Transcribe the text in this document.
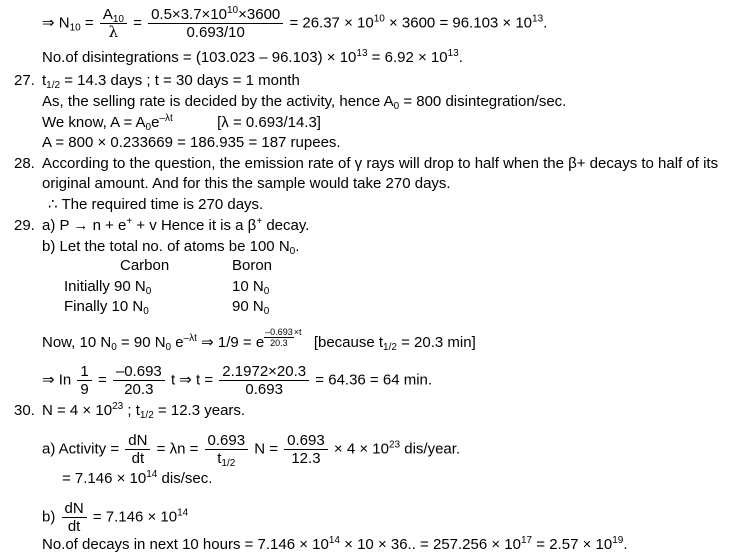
⇒ $N_{10} = \frac{A_{10}}{\lambda} = \frac{0.5\times 3.7\times 10^{10}\times 3600}{0.693/10} = 26.37 \times 10^{10} \times 3600 = 96.103 \times 10^{13}$.
No.of disintegrations = $(103.023 - 96.103) \times 10^{13} = 6.92 \times 10^{13}$.
27. $t_{1/2} = 14.3$ days ; t = 30 days = 1 month
As, the selling rate is decided by the activity, hence $A_0 = 800$ disintegration/sec.
We know, $A = A_0e^{-\lambda t}$	[λ = 0.693/14.3]
A = 800 × 0.233669 = 186.935 = 187 rupees.
28. According to the question, the emission rate of γ rays will drop to half when the β+ decays to half of its
original amount. And for this the sample would take 270 days.
∴ The required time is 270 days.
29. a) P → n + e+ + v Hence it is a β+ decay.
b) Let the total no. of atoms be 100 $N_0$.
Carbon	Boron
Initially 90 $N_0$	10 $N_0$
Finally 10 $N_0$	90 $N_0$
Now, 10 $N_0 = 90$ $N_0$ $e^{-\lambda t}$ ⇒ 1/9 = e $\frac{-0.693}{20.3} ^{\times t}$  [because $t_{1/2} = 20.3$ min]
⇒ In $\frac{1}{9} = \frac{-0.693}{20.3}$ t ⇒ $t = \frac{2.1972\times 20.3}{0.693} = 64.36 = 64$ min.
30. $N = 4 \times 10^{23}$ ; $t_{1/2} = 12.3$ years.
a) Activity = $\frac{dN}{dt} = \lambda n = \frac{0.693}{t_{1/2}}$ $N = \frac{0.693}{12.3} \times 4 \times 10^{23}$ dis/year.
= $7.146 \times 10^{14}$ dis/sec.
$b) \frac{dN}{dt} = 7.146 \times 10^{14}$
No.of decays in next 10 hours = $7.146 \times 10^{14} \times 10 \times 36$.. = $257.256 \times 10^{17} = 2.57 \times 10^{19}$.
